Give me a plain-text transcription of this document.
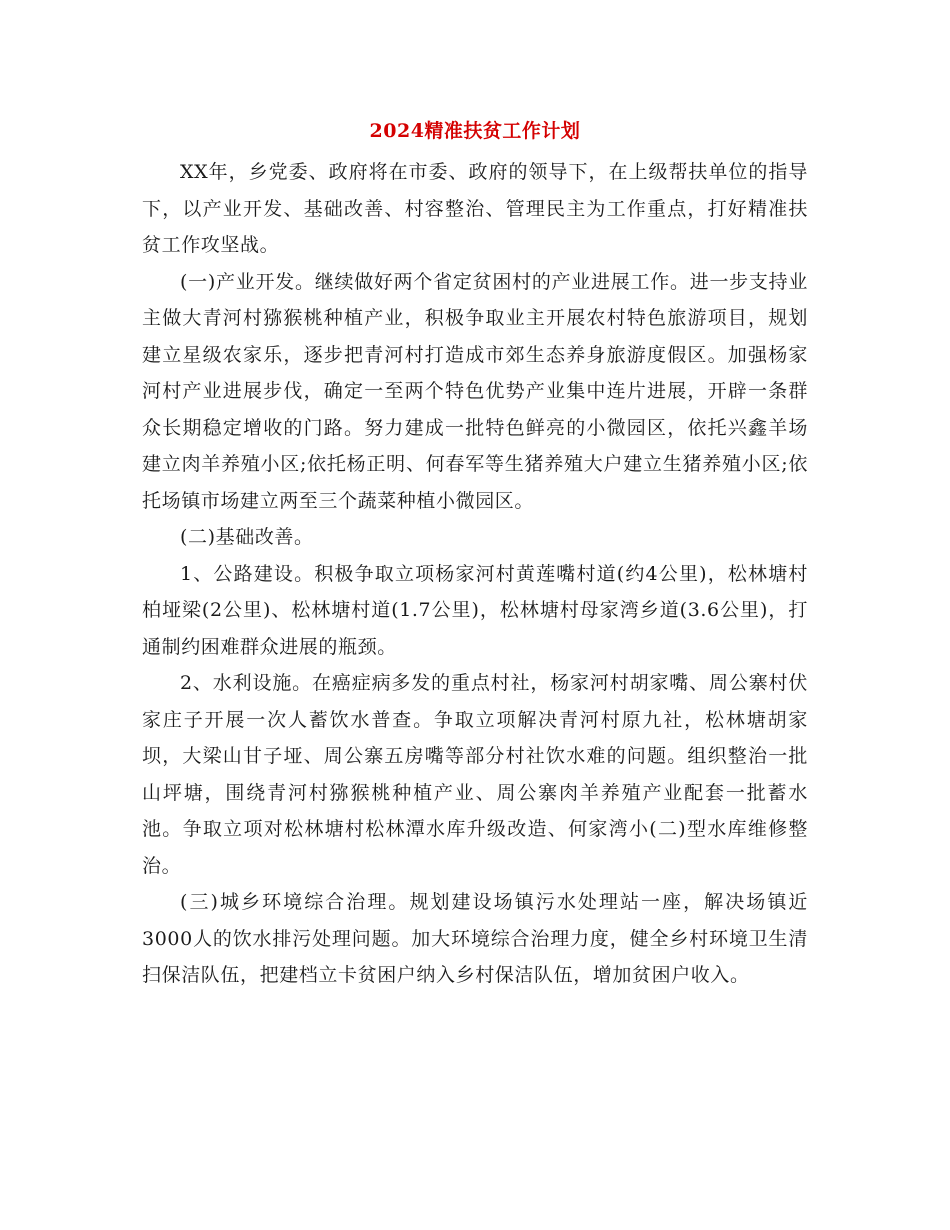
2024精准扶贫工作计划

XX年，乡党委、政府将在市委、政府的领导下，在上级帮扶单位的指导下，以产业开发、基础改善、村容整治、管理民主为工作重点，打好精准扶贫工作攻坚战。

(一)产业开发。继续做好两个省定贫困村的产业进展工作。进一步支持业主做大青河村猕猴桃种植产业，积极争取业主开展农村特色旅游项目，规划建立星级农家乐，逐步把青河村打造成市郊生态养身旅游度假区。加强杨家河村产业进展步伐，确定一至两个特色优势产业集中连片进展，开辟一条群众长期稳定增收的门路。努力建成一批特色鲜亮的小微园区，依托兴鑫羊场建立肉羊养殖小区;依托杨正明、何春军等生猪养殖大户建立生猪养殖小区;依托场镇市场建立两至三个蔬菜种植小微园区。

(二)基础改善。

1、公路建设。积极争取立项杨家河村黄莲嘴村道(约4公里)，松林塘村柏垭梁(2公里)、松林塘村道(1.7公里)，松林塘村母家湾乡道(3.6公里)，打通制约困难群众进展的瓶颈。

2、水利设施。在癌症病多发的重点村社，杨家河村胡家嘴、周公寨村伏家庄子开展一次人蓄饮水普查。争取立项解决青河村原九社，松林塘胡家坝，大梁山甘子垭、周公寨五房嘴等部分村社饮水难的问题。组织整治一批山坪塘，围绕青河村猕猴桃种植产业、周公寨肉羊养殖产业配套一批蓄水池。争取立项对松林塘村松林潭水库升级改造、何家湾小(二)型水库维修整治。

(三)城乡环境综合治理。规划建设场镇污水处理站一座，解决场镇近3000人的饮水排污处理问题。加大环境综合治理力度，健全乡村环境卫生清扫保洁队伍，把建档立卡贫困户纳入乡村保洁队伍，增加贫困户收入。
